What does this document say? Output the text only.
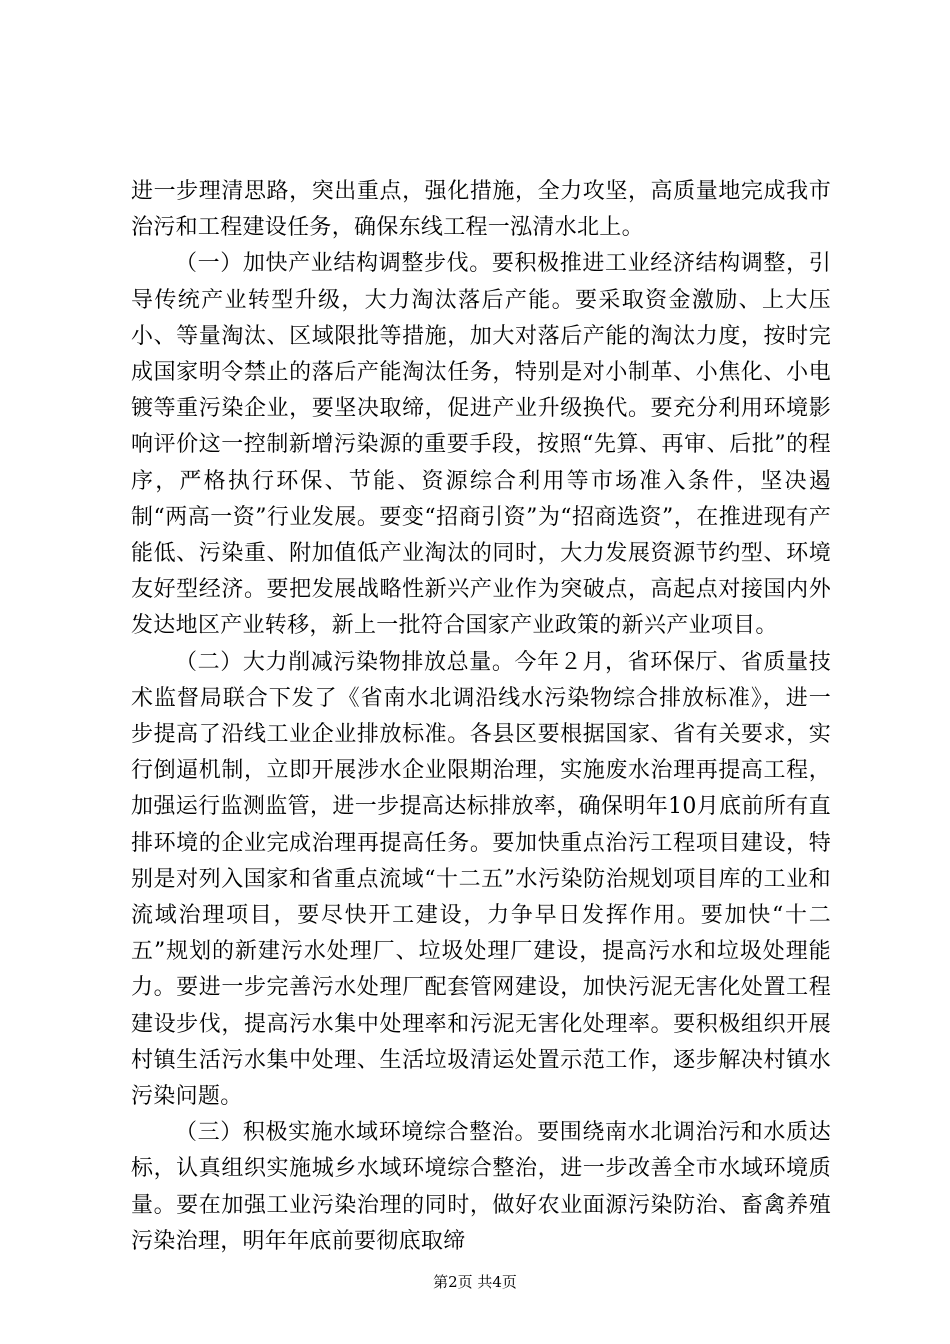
进一步理清思路，突出重点，强化措施，全力攻坚，高质量地完成我市治污和工程建设任务，确保东线工程一泓清水北上。

（一）加快产业结构调整步伐。要积极推进工业经济结构调整，引导传统产业转型升级，大力淘汰落后产能。要采取资金激励、上大压小、等量淘汰、区域限批等措施，加大对落后产能的淘汰力度，按时完成国家明令禁止的落后产能淘汰任务，特别是对小制革、小焦化、小电镀等重污染企业，要坚决取缔，促进产业升级换代。要充分利用环境影响评价这一控制新增污染源的重要手段，按照“先算、再审、后批”的程序，严格执行环保、节能、资源综合利用等市场准入条件，坚决遏制“两高一资”行业发展。要变“招商引资”为“招商选资”，在推进现有产能低、污染重、附加值低产业淘汰的同时，大力发展资源节约型、环境友好型经济。要把发展战略性新兴产业作为突破点，高起点对接国内外发达地区产业转移，新上一批符合国家产业政策的新兴产业项目。

（二）大力削减污染物排放总量。今年２月，省环保厅、省质量技术监督局联合下发了《省南水北调沿线水污染物综合排放标准》，进一步提高了沿线工业企业排放标准。各县区要根据国家、省有关要求，实行倒逼机制，立即开展涉水企业限期治理，实施废水治理再提高工程，加强运行监测监管，进一步提高达标排放率，确保明年10月底前所有直排环境的企业完成治理再提高任务。要加快重点治污工程项目建设，特别是对列入国家和省重点流域“十二五”水污染防治规划项目库的工业和流域治理项目，要尽快开工建设，力争早日发挥作用。要加快“十二五”规划的新建污水处理厂、垃圾处理厂建设，提高污水和垃圾处理能力。要进一步完善污水处理厂配套管网建设，加快污泥无害化处置工程建设步伐，提高污水集中处理率和污泥无害化处理率。要积极组织开展村镇生活污水集中处理、生活垃圾清运处置示范工作，逐步解决村镇水污染问题。

（三）积极实施水域环境综合整治。要围绕南水北调治污和水质达标，认真组织实施城乡水域环境综合整治，进一步改善全市水域环境质量。要在加强工业污染治理的同时，做好农业面源污染防治、畜禽养殖污染治理，明年年底前要彻底取缔

第2页 共4页
